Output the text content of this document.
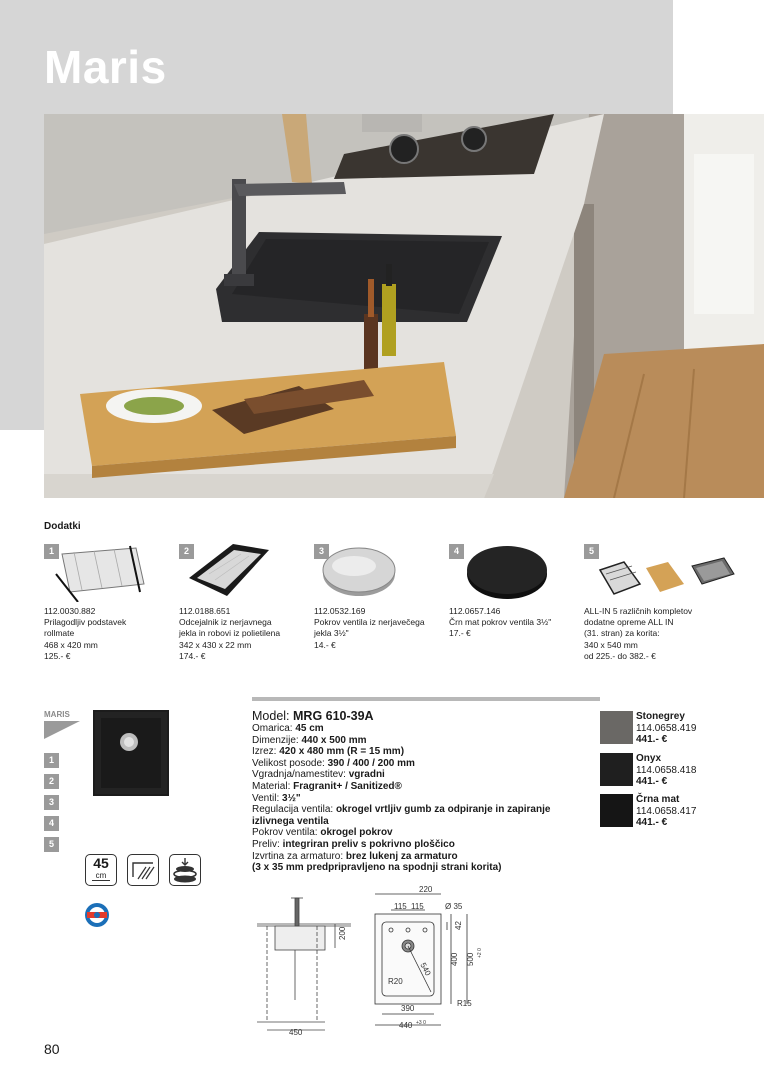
Maris
Dodatki
1
112.0030.882
Prilagodljiv podstavek
rollmate
468 x 420 mm
125.- €
2
112.0188.651
Odcejalnik iz nerjavnega
jekla in robovi iz polietilena
342 x 430 x 22 mm
174.- €
3
112.0532.169
Pokrov ventila iz nerjavečega
jekla 3½"
14.- €
4
112.0657.146
Črn mat pokrov ventila 3½"
17.- €
5
ALL-IN 5 različnih kompletov
dodatne opreme ALL IN
(31. stran) za korita:
340 x 540 mm
od 225.- do 382.- €
MARIS
1
2
3
4
5
45
cm
Model: MRG 610-39A
Omarica: 45 cm
Dimenzije: 440 x 500 mm
Izrez: 420 x 480 mm (R = 15 mm)
Velikost posode: 390 / 400 / 200 mm
Vgradnja/namestitev: vgradni
Material: Fragranit+ / Sanitized®
Ventil: 3½"
Regulacija ventila: okrogel vrtljiv gumb za odpiranje in zapiranje
izlivnega ventila
Pokrov ventila: okrogel pokrov
Preliv: integriran preliv s pokrivno ploščico
Izvrtina za armaturo: brez lukenj za armaturo
(3 x 35 mm predpripravljeno na spodnji strani korita)
Stonegrey
114.0658.419
441.- €
Onyx
114.0658.418
441.- €
Črna mat
114.0658.417
441.- €
200
450
220
115 115	Ø 35
42
400 500 +2 0
540
R20
R15
390
440 +3 0
80
